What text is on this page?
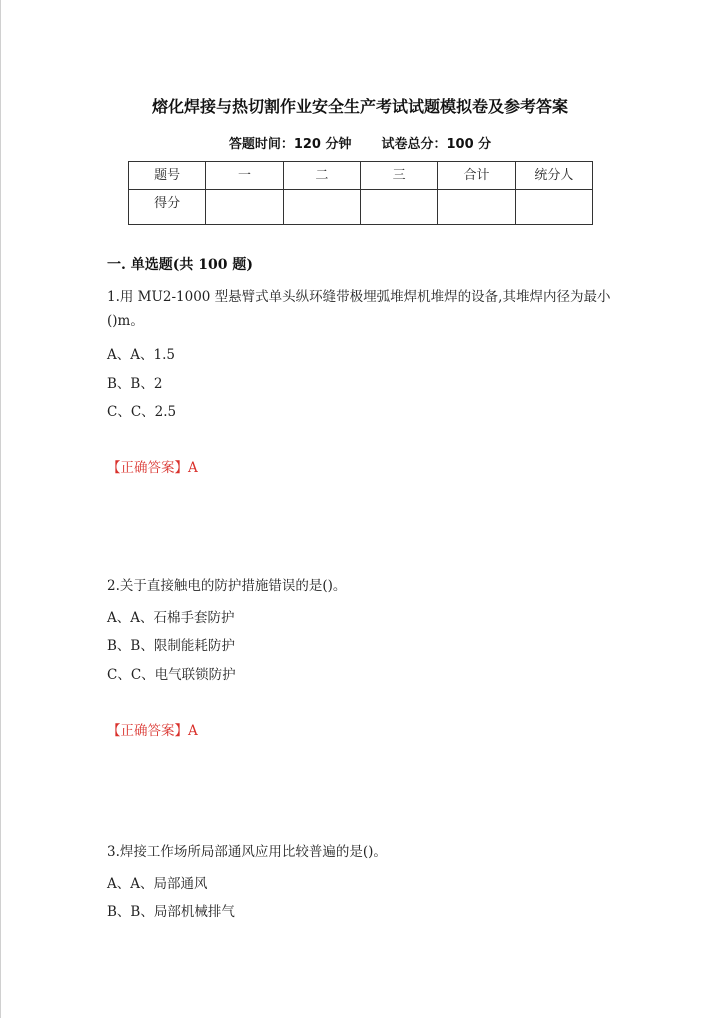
熔化焊接与热切割作业安全生产考试试题模拟卷及参考答案
答题时间：120 分钟 试卷总分：100 分
题号	一	二	三	合计	统分人
得分					
一. 单选题(共 100 题)
1.用 MU2-1000 型悬臂式单头纵环缝带极埋弧堆焊机堆焊的设备,其堆焊内径为最小()m。
A、A、1.5
B、B、2
C、C、2.5
【正确答案】A
2.关于直接触电的防护措施错误的是()。
A、A、石棉手套防护
B、B、限制能耗防护
C、C、电气联锁防护
【正确答案】A
3.焊接工作场所局部通风应用比较普遍的是()。
A、A、局部通风
B、B、局部机械排气
